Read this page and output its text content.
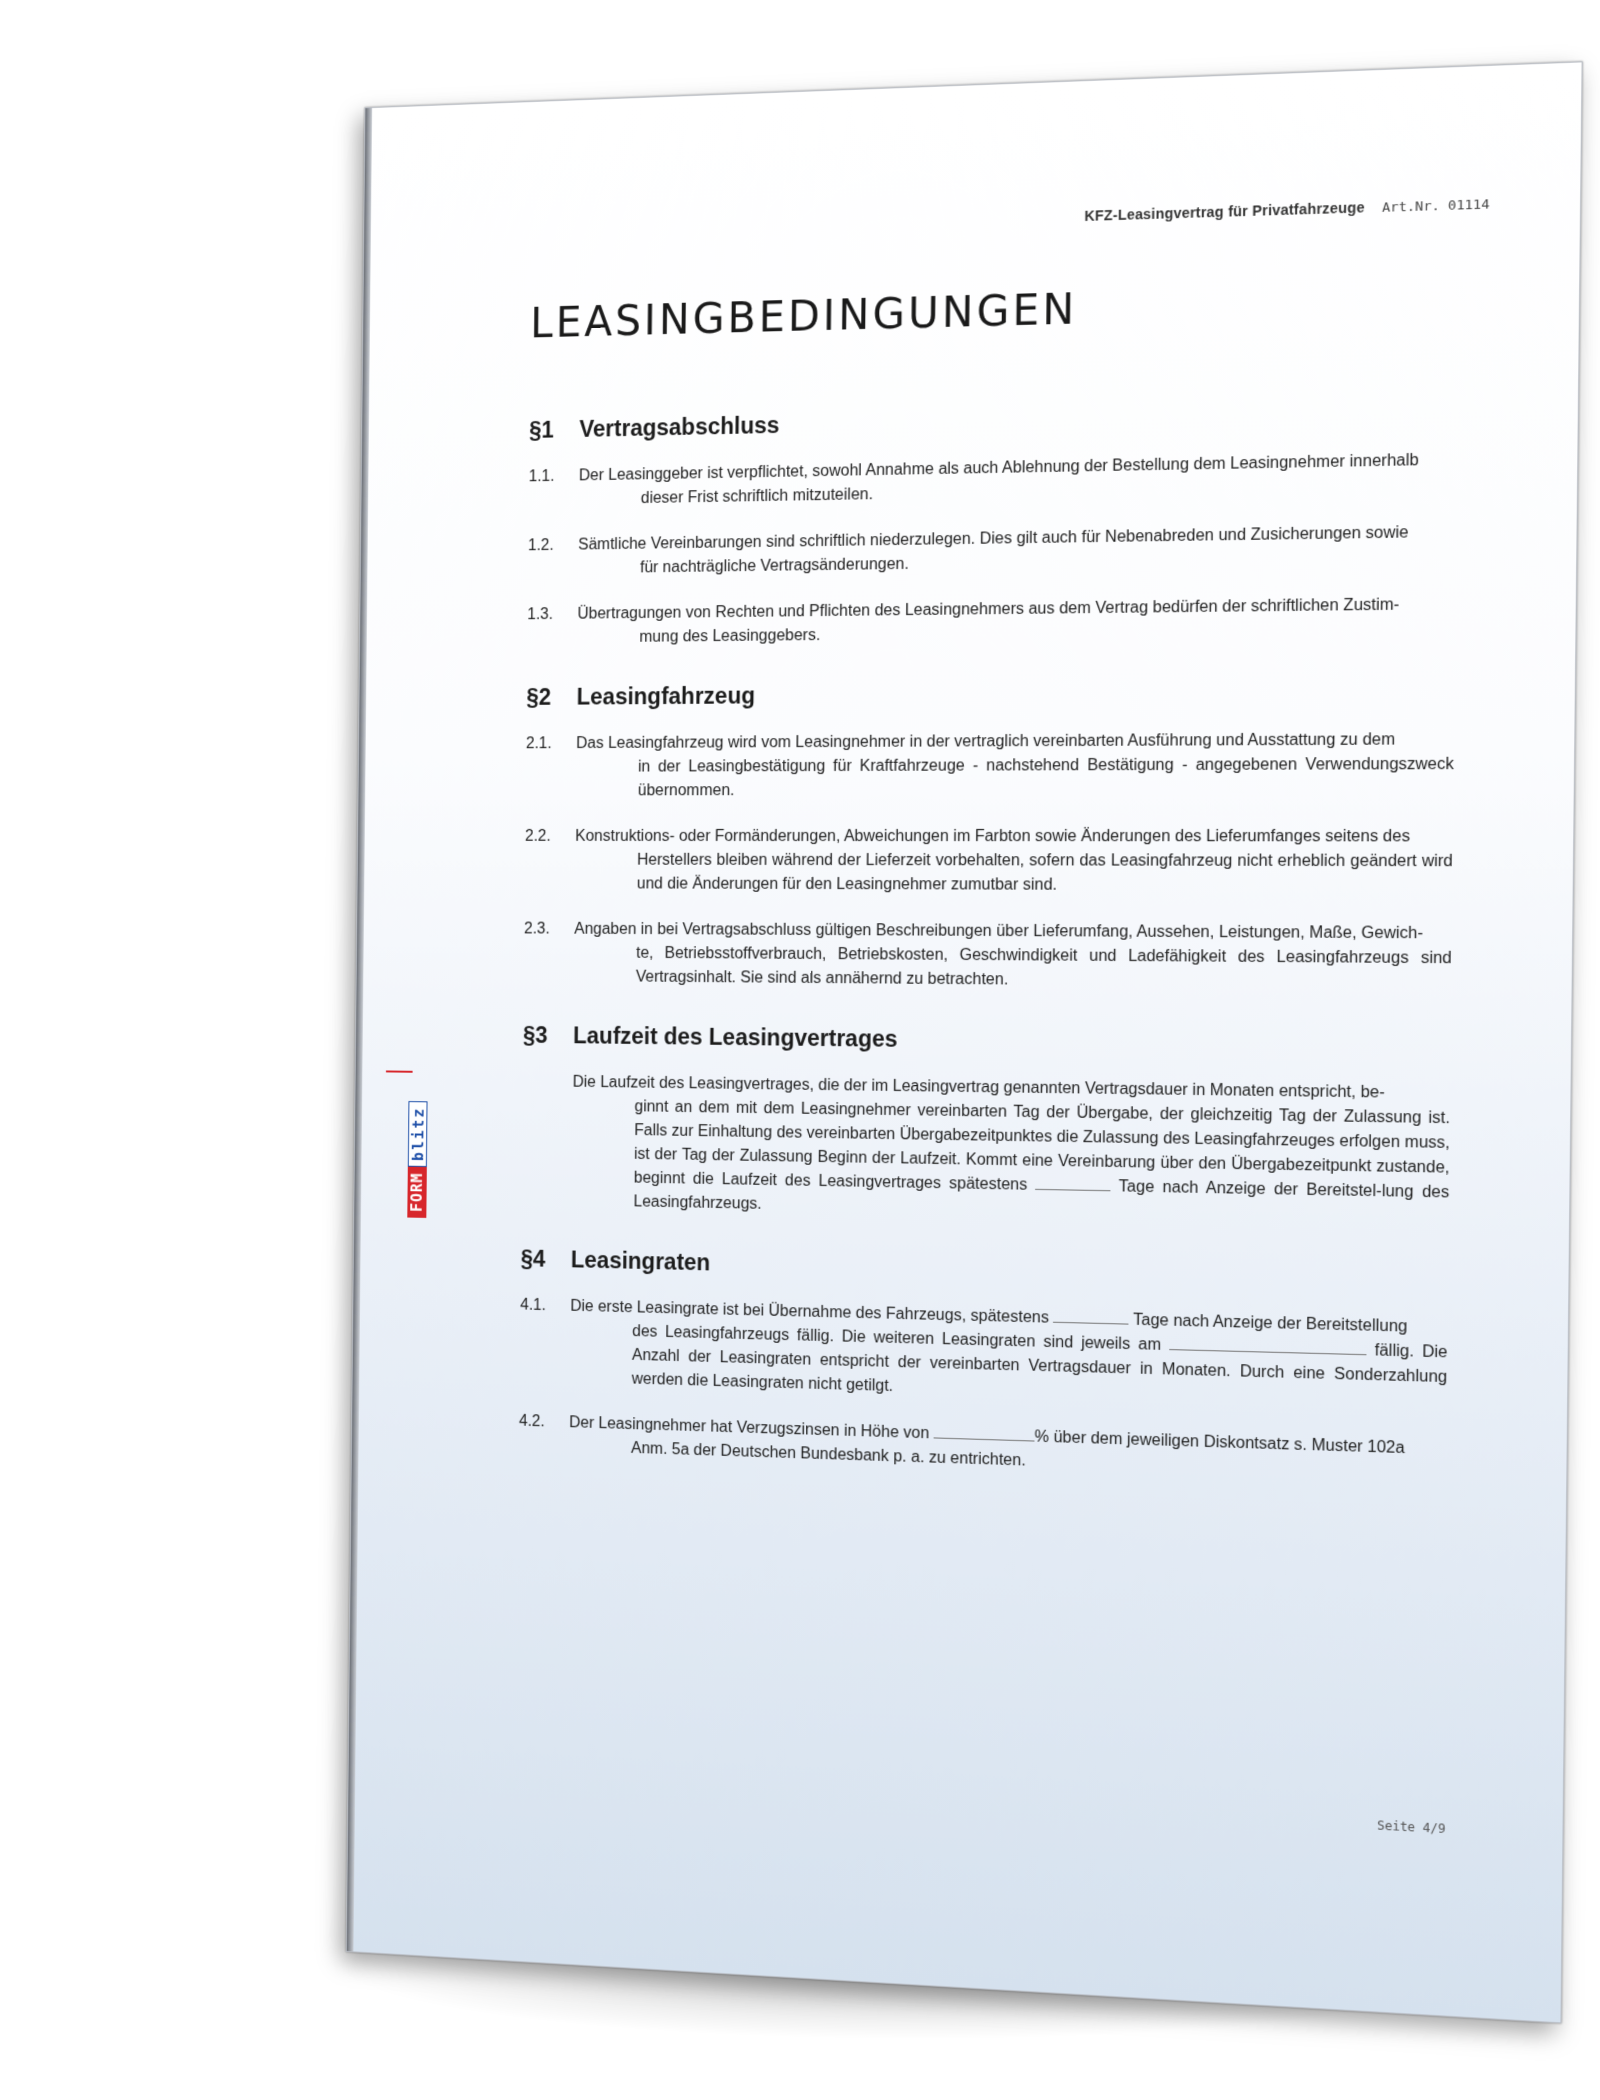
KFZ-Leasingvertrag für Privatfahrzeuge Art.Nr. 01114
LEASINGBEDINGUNGEN
FORM
blitz
§1	Vertragsabschluss
1.1.	Der Leasinggeber ist verpflichtet, sowohl Annahme als auch Ablehnung der Bestellung dem Leasingnehmer innerhalb
dieser Frist schriftlich mitzuteilen.
1.2.	Sämtliche Vereinbarungen sind schriftlich niederzulegen. Dies gilt auch für Nebenabreden und Zusicherungen sowie
für nachträgliche Vertragsänderungen.
1.3.	Übertragungen von Rechten und Pflichten des Leasingnehmers aus dem Vertrag bedürfen der schriftlichen Zustim-
mung des Leasinggebers.
§2	Leasingfahrzeug
2.1.	Das Leasingfahrzeug wird vom Leasingnehmer in der vertraglich vereinbarten Ausführung und Ausstattung zu dem
in der Leasingbestätigung für Kraftfahrzeuge - nachstehend Bestätigung - angegebenen Verwendungszweck übernommen.
2.2.	Konstruktions- oder Formänderungen, Abweichungen im Farbton sowie Änderungen des Lieferumfanges seitens des
Herstellers bleiben während der Lieferzeit vorbehalten, sofern das Leasingfahrzeug nicht erheblich geändert wird und die Änderungen für den Leasingnehmer zumutbar sind.
2.3.	Angaben in bei Vertragsabschluss gültigen Beschreibungen über Lieferumfang, Aussehen, Leistungen, Maße, Gewich-
te, Betriebsstoffverbrauch, Betriebskosten, Geschwindigkeit und Ladefähigkeit des Leasingfahrzeugs sind Vertragsinhalt. Sie sind als annähernd zu betrachten.
§3	Laufzeit des Leasingvertrages
Die Laufzeit des Leasingvertrages, die der im Leasingvertrag genannten Vertragsdauer in Monaten entspricht, be-
ginnt an dem mit dem Leasingnehmer vereinbarten Tag der Übergabe, der gleichzeitig Tag der Zulassung ist. Falls zur Einhaltung des vereinbarten Übergabezeitpunktes die Zulassung des Leasingfahrzeuges erfolgen muss, ist der Tag der Zulassung Beginn der Laufzeit. Kommt eine Vereinbarung über den Übergabezeitpunkt zustande, beginnt die Laufzeit des Leasingvertrages spätestens	Tage nach Anzeige der Bereitstel-lung des Leasingfahrzeugs.
§4	Leasingraten
4.1.	Die erste Leasingrate ist bei Übernahme des Fahrzeugs, spätestens	Tage nach Anzeige der Bereitstellung
des Leasingfahrzeugs fällig. Die weiteren Leasingraten sind jeweils am	fällig. Die Anzahl der Leasingraten entspricht der vereinbarten Vertragsdauer in Monaten. Durch eine Sonderzahlung werden die Leasingraten nicht getilgt.
4.2.	Der Leasingnehmer hat Verzugszinsen in Höhe von % über dem jeweiligen Diskontsatz s. Muster 102a
Anm. 5a der Deutschen Bundesbank p. a. zu entrichten.
Seite 4/9
